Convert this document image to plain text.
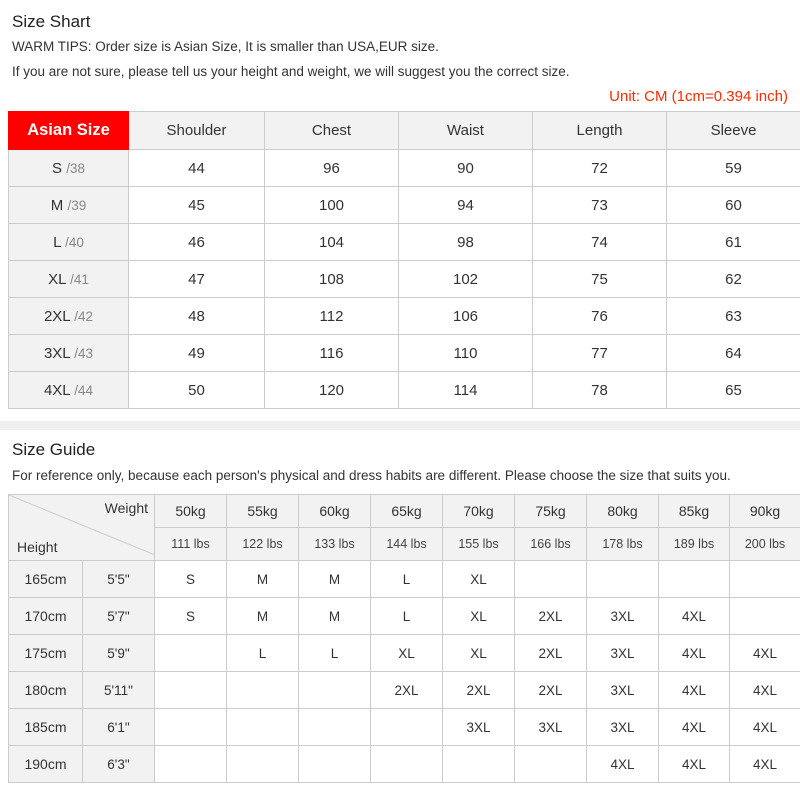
Size Shart
WARM TIPS: Order size is Asian Size, It is smaller than USA,EUR size.
If you are not sure, please tell us your height and weight, we will suggest you the correct size.
Unit: CM (1cm=0.394 inch)
Asian Size	Shoulder	Chest	Waist	Length	Sleeve
S /38	44	96	90	72	59
M /39	45	100	94	73	60
L /40	46	104	98	74	61
XL /41	47	108	102	75	62
2XL /42	48	112	106	76	63
3XL /43	49	116	110	77	64
4XL /44	50	120	114	78	65
Size Guide
For reference only, because each person's physical and dress habits are different. Please choose the size that suits you.
Weight
Height		50kg	55kg	60kg	65kg	70kg	75kg	80kg	85kg	90kg
		111 lbs	122 lbs	133 lbs	144 lbs	155 lbs	166 lbs	178 lbs	189 lbs	200 lbs
165cm	5'5"	S	M	M	L	XL				
170cm	5'7"	S	M	M	L	XL	2XL	3XL	4XL	
175cm	5'9"		L	L	XL	XL	2XL	3XL	4XL	4XL
180cm	5'11"				2XL	2XL	2XL	3XL	4XL	4XL
185cm	6'1"					3XL	3XL	3XL	4XL	4XL
190cm	6'3"							4XL	4XL	4XL
